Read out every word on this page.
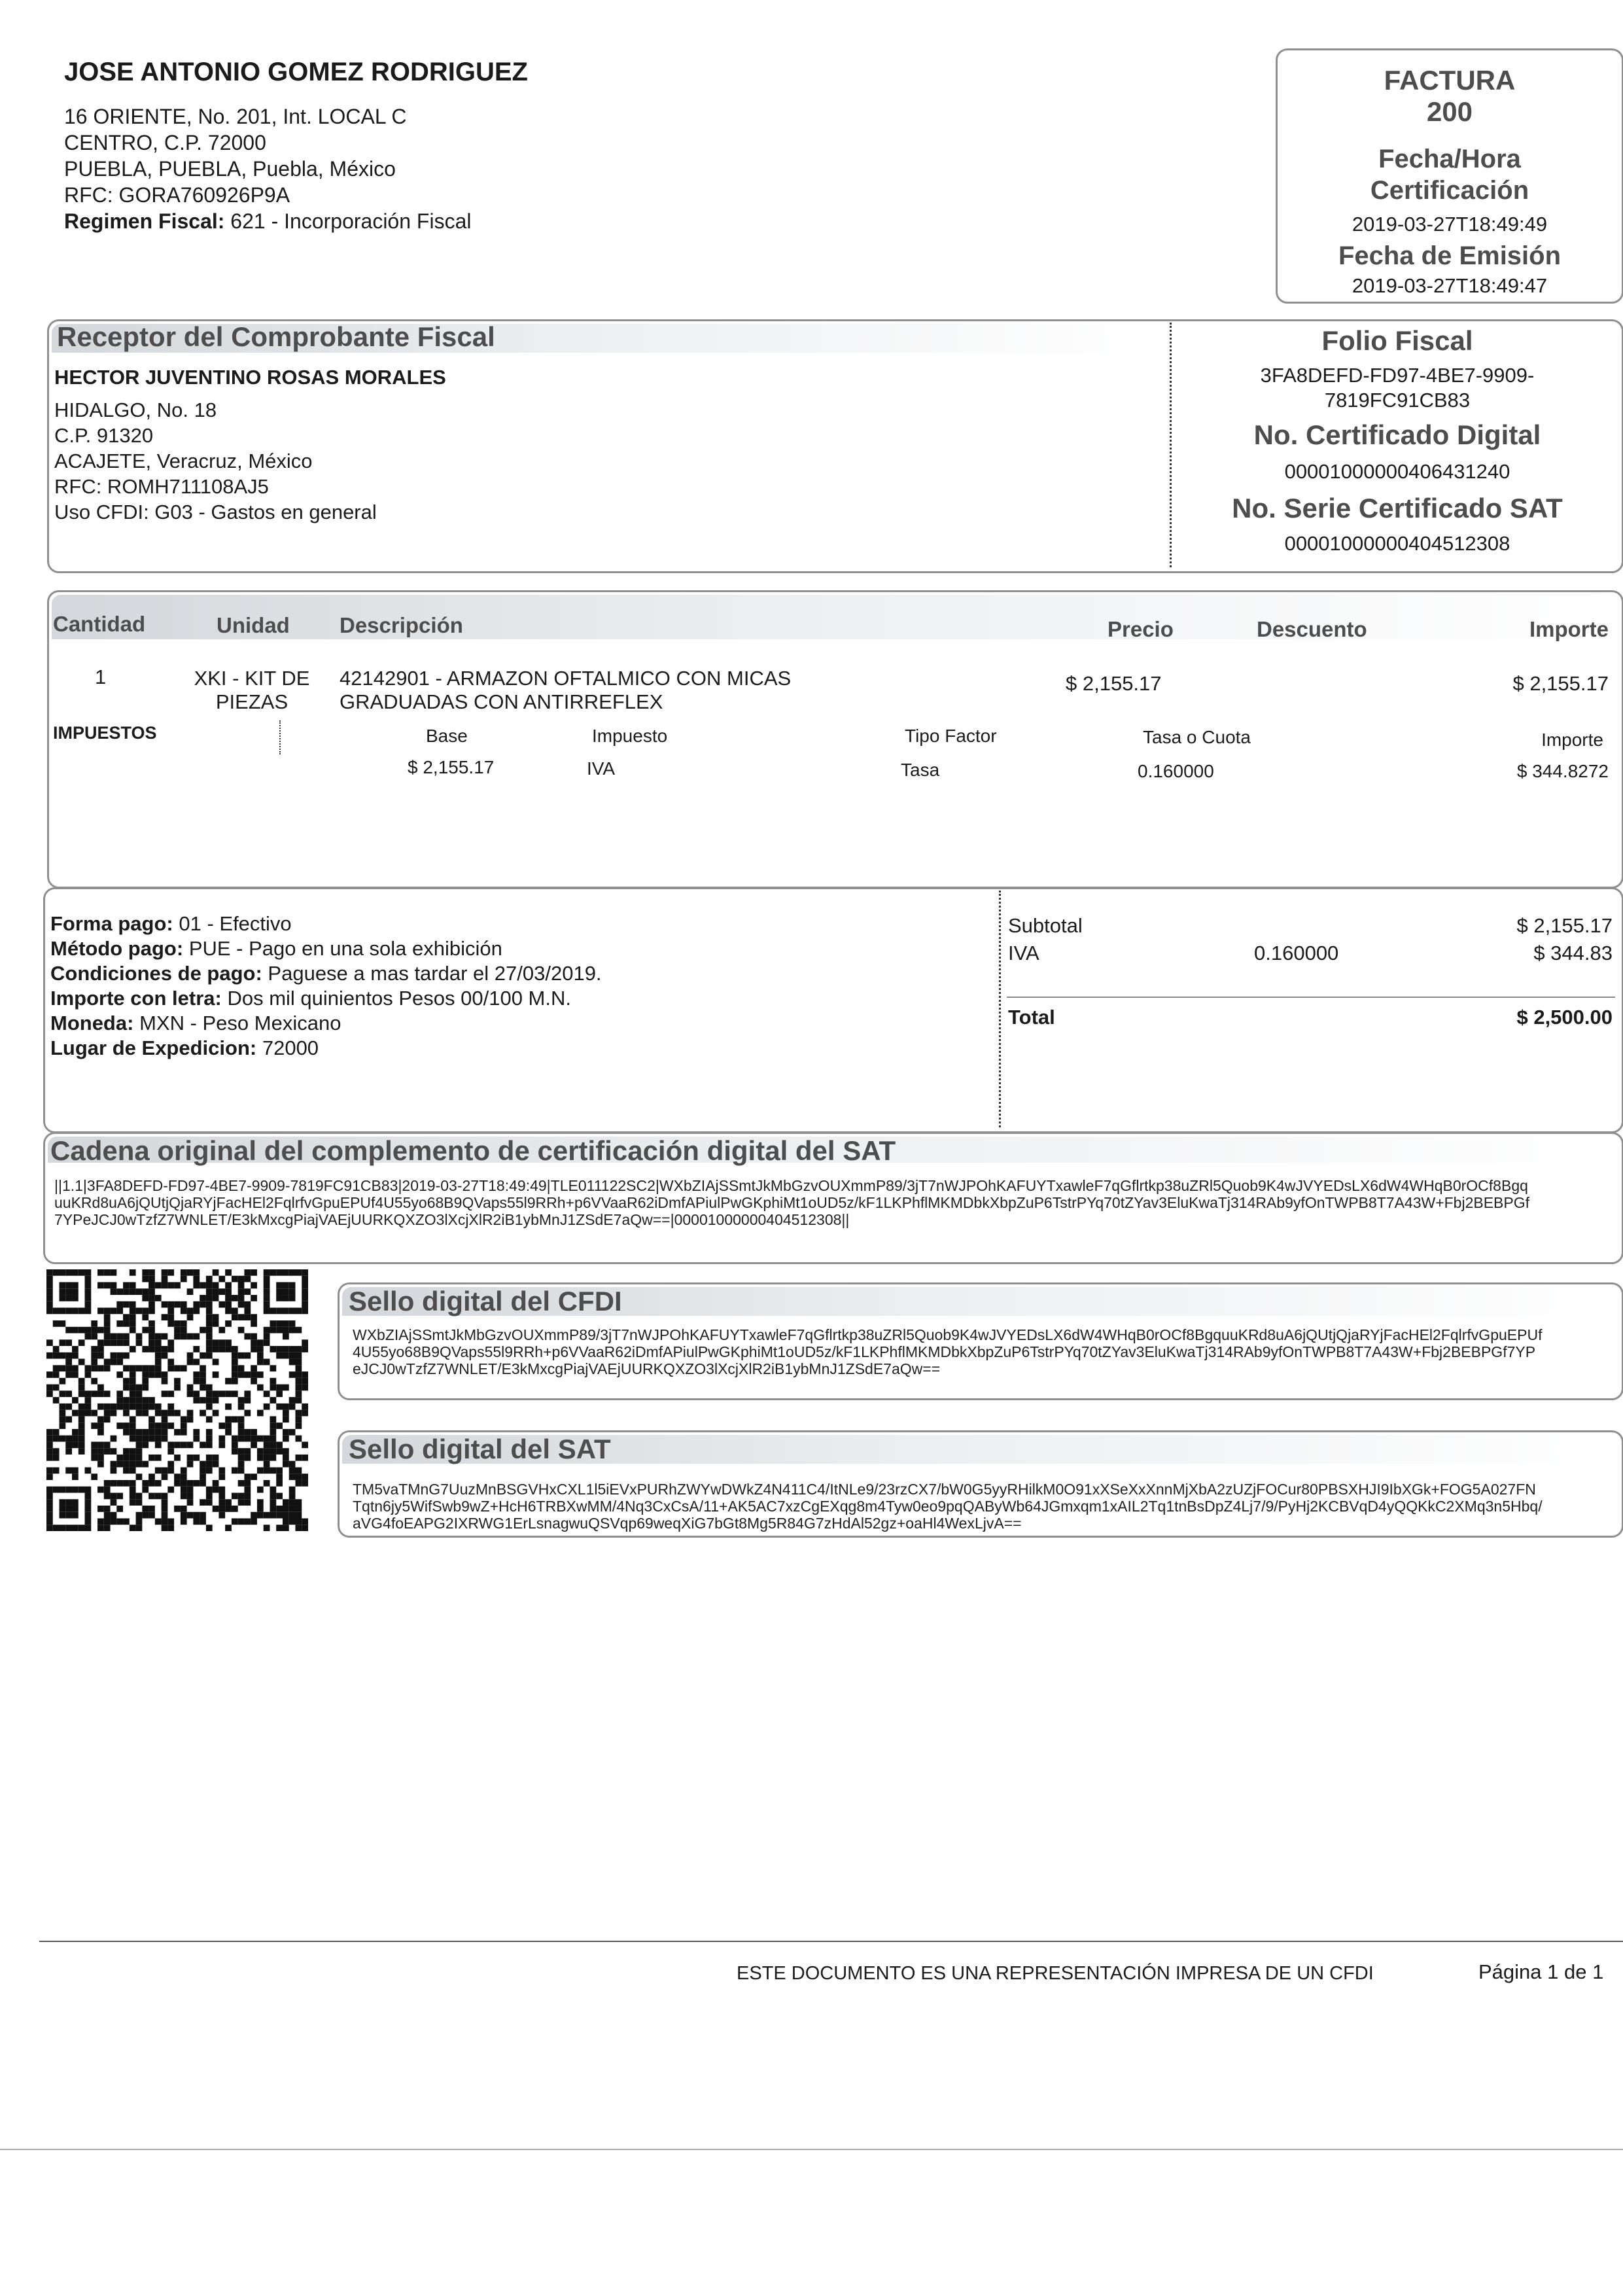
JOSE ANTONIO GOMEZ RODRIGUEZ
16 ORIENTE, No. 201, Int. LOCAL C
CENTRO, C.P. 72000
PUEBLA, PUEBLA, Puebla, México
RFC: GORA760926P9A
Regimen Fiscal: 621 - Incorporación Fiscal
FACTURA
200
Fecha/Hora
Certificación
2019-03-27T18:49:49
Fecha de Emisión
2019-03-27T18:49:47
Receptor del Comprobante Fiscal
HECTOR JUVENTINO ROSAS MORALES
HIDALGO, No. 18
C.P. 91320
ACAJETE, Veracruz, México
RFC: ROMH711108AJ5
Uso CFDI: G03 - Gastos en general
Folio Fiscal
3FA8DEFD-FD97-4BE7-9909-
7819FC91CB83
No. Certificado Digital
00001000000406431240
No. Serie Certificado SAT
00001000000404512308
Cantidad	Unidad Descripción	Precio	Descuento	Importe
1	XKI - KIT DE
PIEZAS
42142901 - ARMAZON OFTALMICO CON MICAS
GRADUADAS CON ANTIRREFLEX
$ 2,155.17	$ 2,155.17
IMPUESTOS	Base	Impuesto	Tipo Factor	Tasa o Cuota	Importe
$ 2,155.17	IVA	Tasa	0.160000	$ 344.8272
Forma pago: 01 - Efectivo
Método pago: PUE - Pago en una sola exhibición
Condiciones de pago: Paguese a mas tardar el 27/03/2019.
Importe con letra: Dos mil quinientos Pesos 00/100 M.N.
Moneda: MXN - Peso Mexicano
Lugar de Expedicion: 72000
Subtotal	$ 2,155.17
IVA	0.160000	$ 344.83
Total	$ 2,500.00
Cadena original del complemento de certificación digital del SAT
||1.1|3FA8DEFD-FD97-4BE7-9909-7819FC91CB83|2019-03-27T18:49:49|TLE011122SC2|WXbZIAjSSmtJkMbGzvOUXmmP89/3jT7nWJPOhKAFUYTxawleF7qGflrtkp38uZRl5Quob9K4wJVYEDsLX6dW4WHqB0rOCf8BgquuKRd8uA6jQUtjQjaRYjFacHEl2FqlrfvGpuEPUf4U55yo68B9QVaps55l9RRh+p6VVaaR62iDmfAPiulPwGKphiMt1oUD5z/kF1LKPhflMKMDbkXbpZuP6TstrPYq70tZYav3EluKwaTj314RAb9yfOnTWPB8T7A43W+Fbj2BEBPGf7YPeJCJ0wTzfZ7WNLET/E3kMxcgPiajVAEjUURKQXZO3lXcjXlR2iB1ybMnJ1ZSdE7aQw==|00001000000404512308||
Sello digital del CFDI
WXbZIAjSSmtJkMbGzvOUXmmP89/3jT7nWJPOhKAFUYTxawleF7qGflrtkp38uZRl5Quob9K4wJVYEDsLX6dW4WHqB0rOCf8BgquuKRd8uA6jQUtjQjaRYjFacHEl2FqlrfvGpuEPUf4U55yo68B9QVaps55l9RRh+p6VVaaR62iDmfAPiulPwGKphiMt1oUD5z/kF1LKPhflMKMDbkXbpZuP6TstrPYq70tZYav3EluKwaTj314RAb9yfOnTWPB8T7A43W+Fbj2BEBPGf7YPeJCJ0wTzfZ7WNLET/E3kMxcgPiajVAEjUURKQXZO3lXcjXlR2iB1ybMnJ1ZSdE7aQw==
Sello digital del SAT
TM5vaTMnG7UuzMnBSGVHxCXL1l5iEVxPURhZWYwDWkZ4N411C4/ItNLe9/23rzCX7/bW0G5yyRHilkM0O91xXSeXxXnnMjXbA2zUZjFOCur80PBSXHJI9IbXGk+FOG5A027FNTqtn6jy5WifSwb9wZ+HcH6TRBXwMM/4Nq3CxCsA/11+AK5AC7xzCgEXqg8m4Tyw0eo9pqQAByWb64JGmxqm1xAIL2Tq1tnBsDpZ4Lj7/9/PyHj2KCBVqD4yQQKkC2XMq3n5Hbq/aVG4foEAPG2IXRWG1ErLsnagwuQSVqp69weqXiG7bGt8Mg5R84G7zHdAl52gz+oaHl4WexLjvA==
ESTE DOCUMENTO ES UNA REPRESENTACIÓN IMPRESA DE UN CFDI	Página 1 de 1
